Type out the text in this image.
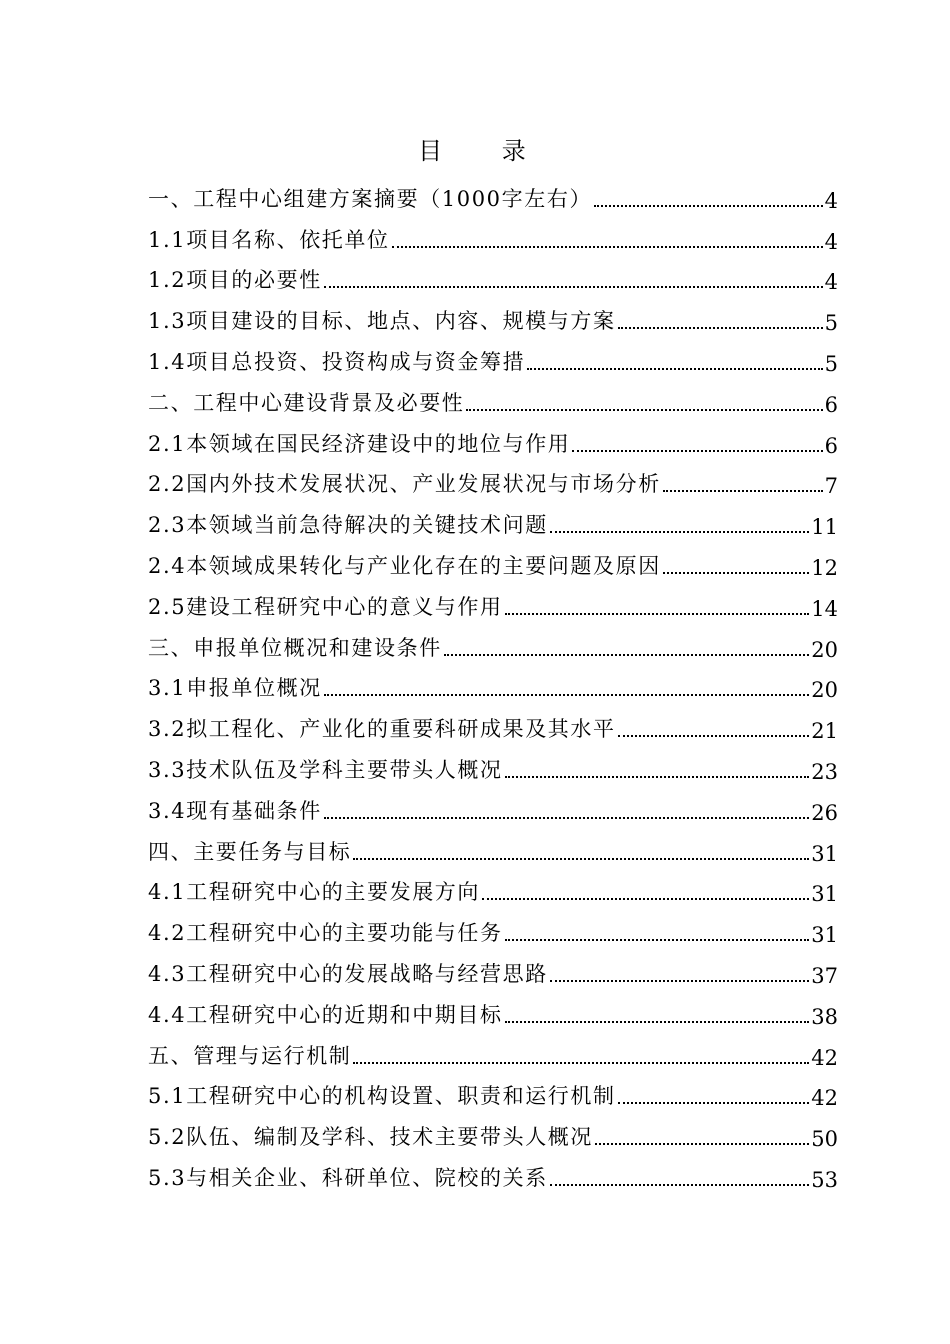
目 录
一、工程中心组建方案摘要（1000字左右）	4
1.1项目名称、依托单位	4
1.2项目的必要性	4
1.3项目建设的目标、地点、内容、规模与方案	5
1.4项目总投资、投资构成与资金筹措	5
二、工程中心建设背景及必要性	6
2.1本领域在国民经济建设中的地位与作用	6
2.2国内外技术发展状况、产业发展状况与市场分析	7
2.3本领域当前急待解决的关键技术问题	11
2.4本领域成果转化与产业化存在的主要问题及原因	12
2.5建设工程研究中心的意义与作用	14
三、申报单位概况和建设条件	20
3.1申报单位概况	20
3.2拟工程化、产业化的重要科研成果及其水平	21
3.3技术队伍及学科主要带头人概况	23
3.4现有基础条件	26
四、主要任务与目标	31
4.1工程研究中心的主要发展方向	31
4.2工程研究中心的主要功能与任务	31
4.3工程研究中心的发展战略与经营思路	37
4.4工程研究中心的近期和中期目标	38
五、管理与运行机制	42
5.1工程研究中心的机构设置、职责和运行机制	42
5.2队伍、编制及学科、技术主要带头人概况	50
5.3与相关企业、科研单位、院校的关系	53
